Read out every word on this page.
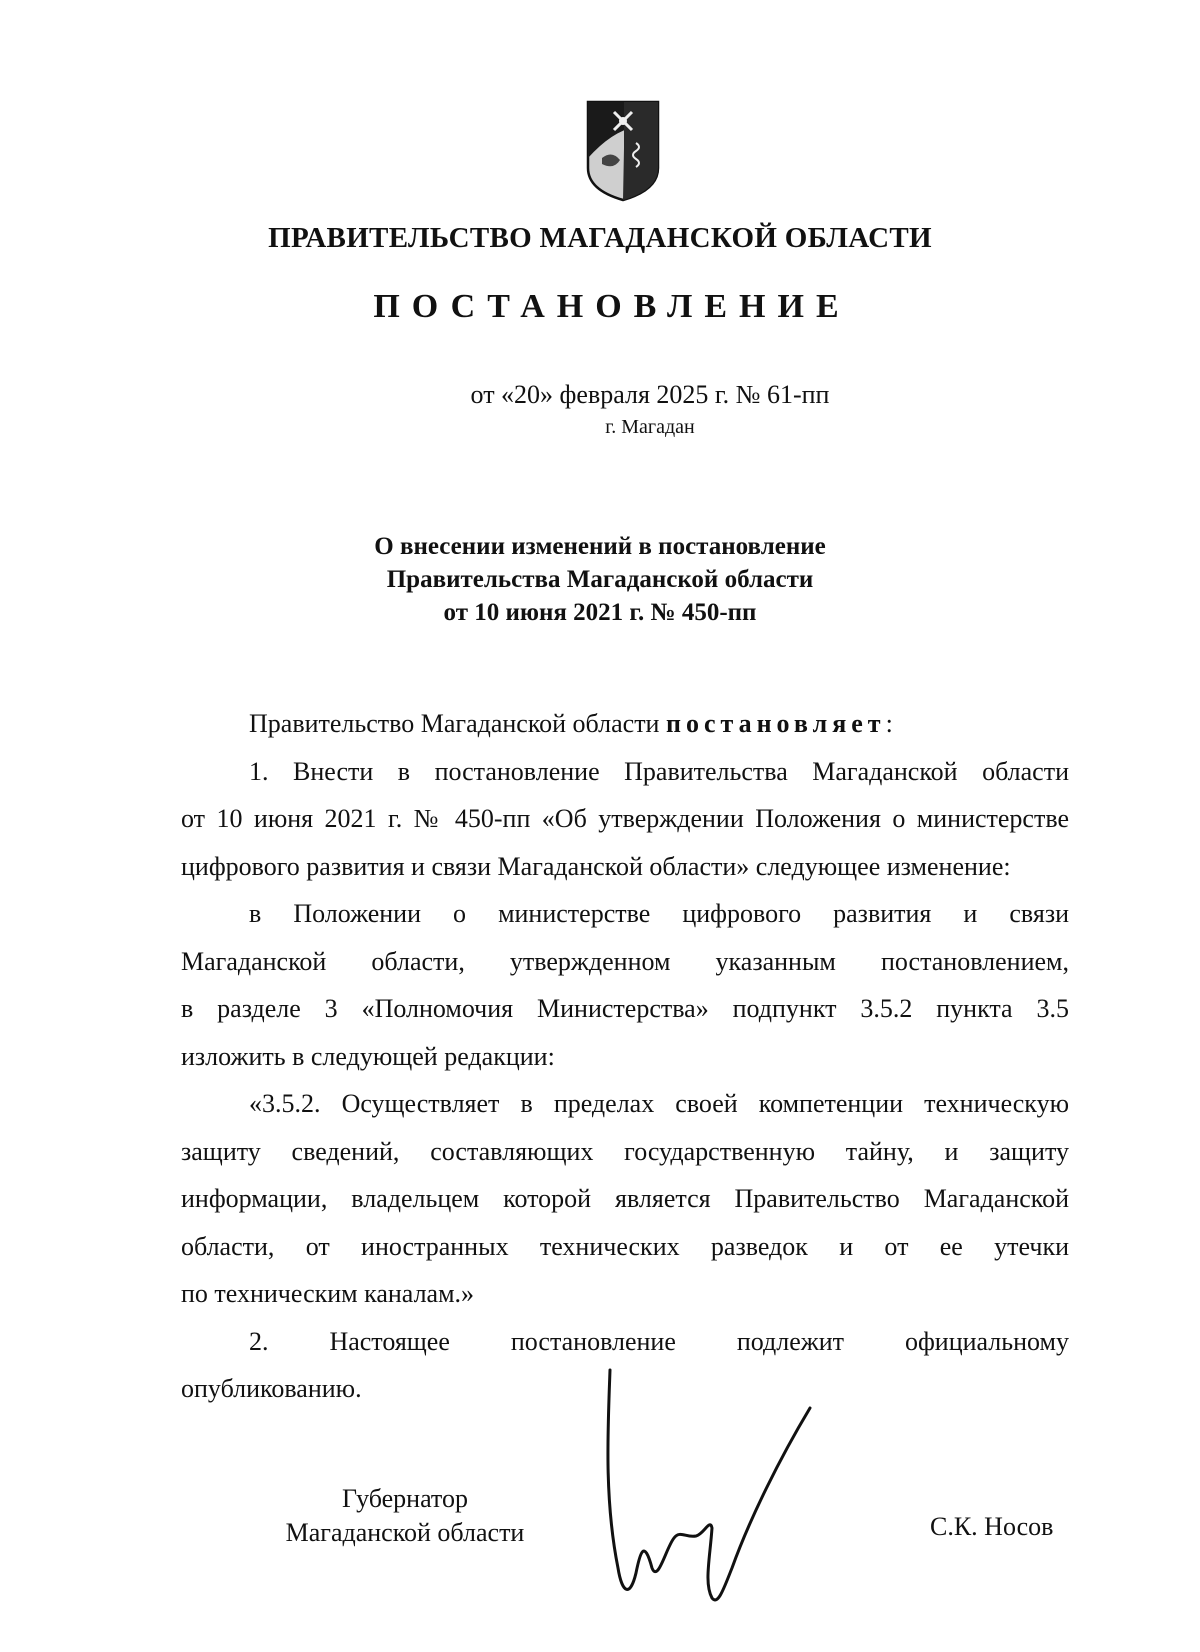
ПРАВИТЕЛЬСТВО МАГАДАНСКОЙ ОБЛАСТИ
ПОСТАНОВЛЕНИЕ
от «20» февраля 2025 г. № 61-пп
г. Магадан
О внесении изменений в постановление
Правительства Магаданской области
от 10 июня 2021 г. № 450-пп
Правительство Магаданской области постановляет:
1. Внести в постановление Правительства Магаданской области
от 10 июня 2021 г. № 450-пп «Об утверждении Положения о министерстве
цифрового развития и связи Магаданской области» следующее изменение:
в Положении о министерстве цифрового развития и связи
Магаданской области, утвержденном указанным постановлением,
в разделе 3 «Полномочия Министерства» подпункт 3.5.2 пункта 3.5
изложить в следующей редакции:
«3.5.2. Осуществляет в пределах своей компетенции техническую
защиту сведений, составляющих государственную тайну, и защиту
информации, владельцем которой является Правительство Магаданской
области, от иностранных технических разведок и от ее утечки
по техническим каналам.»
2. Настоящее постановление подлежит официальному
опубликованию.
Губернатор
Магаданской области	С.К. Носов
